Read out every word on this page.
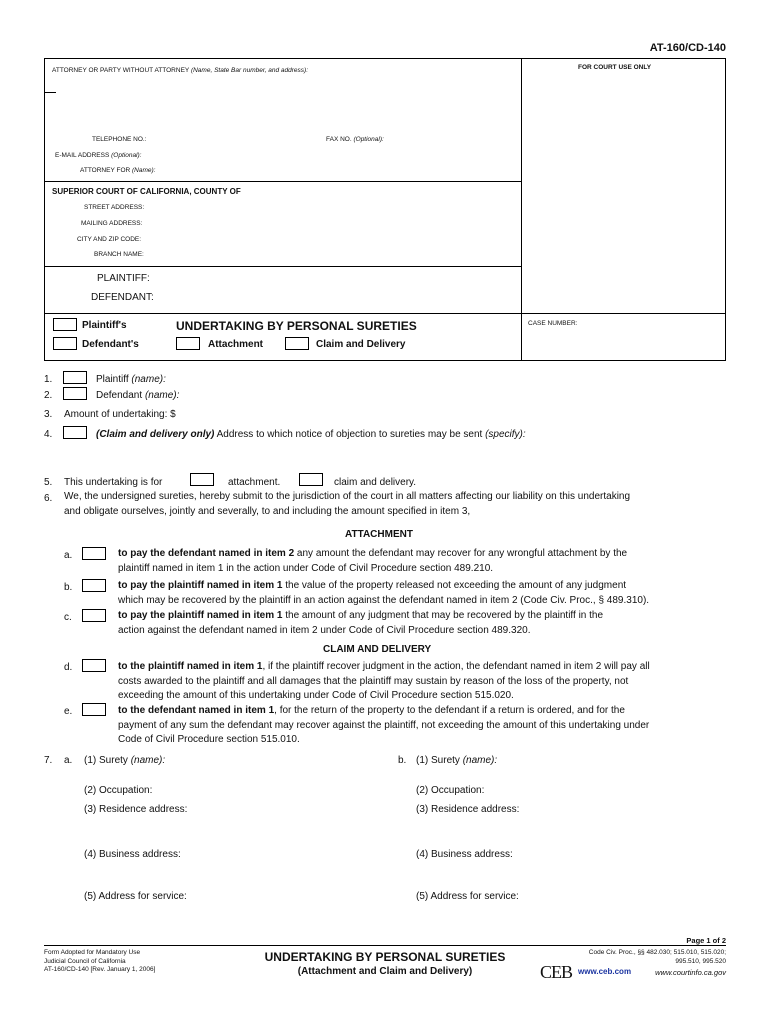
AT-160/CD-140
ATTORNEY OR PARTY WITHOUT ATTORNEY (Name, State Bar number, and address):	FOR COURT USE ONLY
TELEPHONE NO.:	FAX NO. (Optional):
E-MAIL ADDRESS (Optional):
ATTORNEY FOR (Name):
SUPERIOR COURT OF CALIFORNIA, COUNTY OF
STREET ADDRESS:
MAILING ADDRESS:
CITY AND ZIP CODE:
BRANCH NAME:
PLAINTIFF:
DEFENDANT:
Plaintiff's
Defendant's
UNDERTAKING BY PERSONAL SURETIES
Attachment	Claim and Delivery
CASE NUMBER:
1.	Plaintiff (name):
2.	Defendant (name):
3. Amount of undertaking: $
4.	(Claim and delivery only) Address to which notice of objection to sureties may be sent (specify):
5. This undertaking is for	attachment.	claim and delivery.
6. We, the undersigned sureties, hereby submit to the jurisdiction of the court in all matters affecting our liability on this undertaking
and obligate ourselves, jointly and severally, to and including the amount specified in item 3,
ATTACHMENT
a.	to pay the defendant named in item 2 any amount the defendant may recover for any wrongful attachment by the
plaintiff named in item 1 in the action under Code of Civil Procedure section 489.210.
b.	to pay the plaintiff named in item 1 the value of the property released not exceeding the amount of any judgment
which may be recovered by the plaintiff in an action against the defendant named in item 2 (Code Civ. Proc., § 489.310).
c.	to pay the plaintiff named in item 1 the amount of any judgment that may be recovered by the plaintiff in the
action against the defendant named in item 2 under Code of Civil Procedure section 489.320.
CLAIM AND DELIVERY
d.	to the plaintiff named in item 1, if the plaintiff recover judgment in the action, the defendant named in item 2 will pay all
costs awarded to the plaintiff and all damages that the plaintiff may sustain by reason of the loss of the property, not
exceeding the amount of this undertaking under Code of Civil Procedure section 515.020.
e.	to the defendant named in item 1, for the return of the property to the defendant if a return is ordered, and for the
payment of any sum the defendant may recover against the plaintiff, not exceeding the amount of this undertaking under
Code of Civil Procedure section 515.010.
7. a. (1) Surety (name):
(2) Occupation:
(3) Residence address:
(4) Business address:
(5) Address for service:
b. (1) Surety (name):
(2) Occupation:
(3) Residence address:
(4) Business address:
(5) Address for service:
Page 1 of 2
Form Adopted for Mandatory Use
Judicial Council of California
AT-160/CD-140 [Rev. January 1, 2006]
UNDERTAKING BY PERSONAL SURETIES
(Attachment and Claim and Delivery)
Code Civ. Proc., §§ 482.030; 515.010, 515.020;
995.510, 995.520
CEB www.ceb.com	www.courtinfo.ca.gov
